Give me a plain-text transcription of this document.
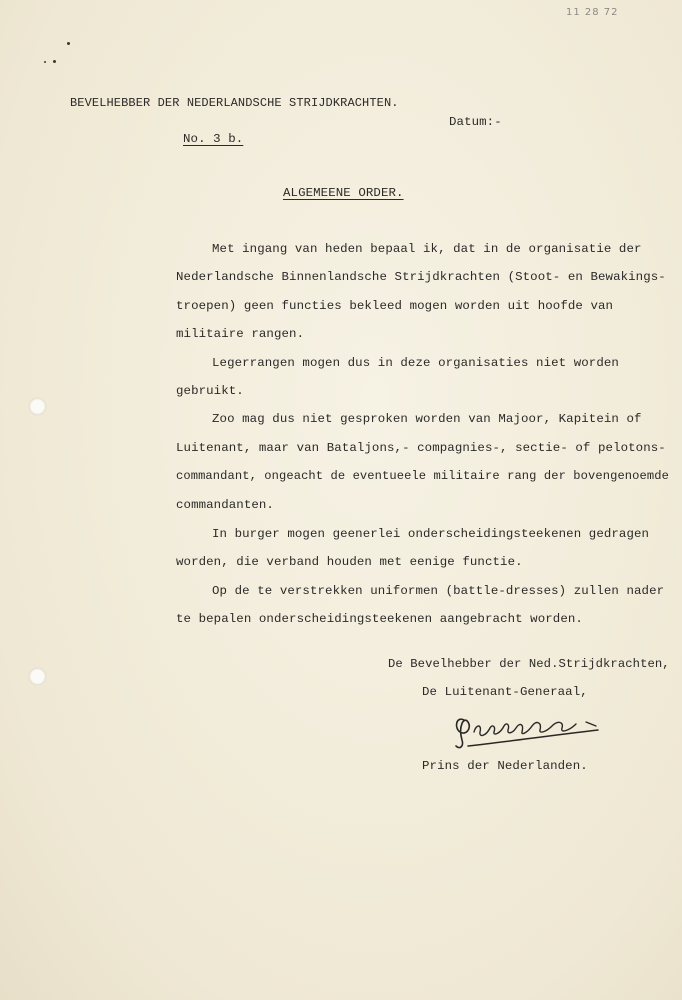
11 28 72
BEVELHEBBER DER NEDERLANDSCHE STRIJDKRACHTEN.
Datum:-
No. 3 b.
ALGEMEENE ORDER.
Met ingang van heden bepaal ik, dat in de organisatie der
Nederlandsche Binnenlandsche Strijdkrachten (Stoot- en Bewakings-
troepen) geen functies bekleed mogen worden uit hoofde van
militaire rangen.
Legerrangen mogen dus in deze organisaties niet worden
gebruikt.
Zoo mag dus niet gesproken worden van Majoor, Kapitein of
Luitenant, maar van Bataljons,- compagnies-, sectie- of pelotons-
commandant, ongeacht de eventueele militaire rang der bovengenoemde
commandanten.
In burger mogen geenerlei onderscheidingsteekenen gedragen
worden, die verband houden met eenige functie.
Op de te verstrekken uniformen (battle-dresses) zullen nader
te bepalen onderscheidingsteekenen aangebracht worden.
De Bevelhebber der Ned.Strijdkrachten,
De Luitenant-Generaal,
Prins der Nederlanden.
